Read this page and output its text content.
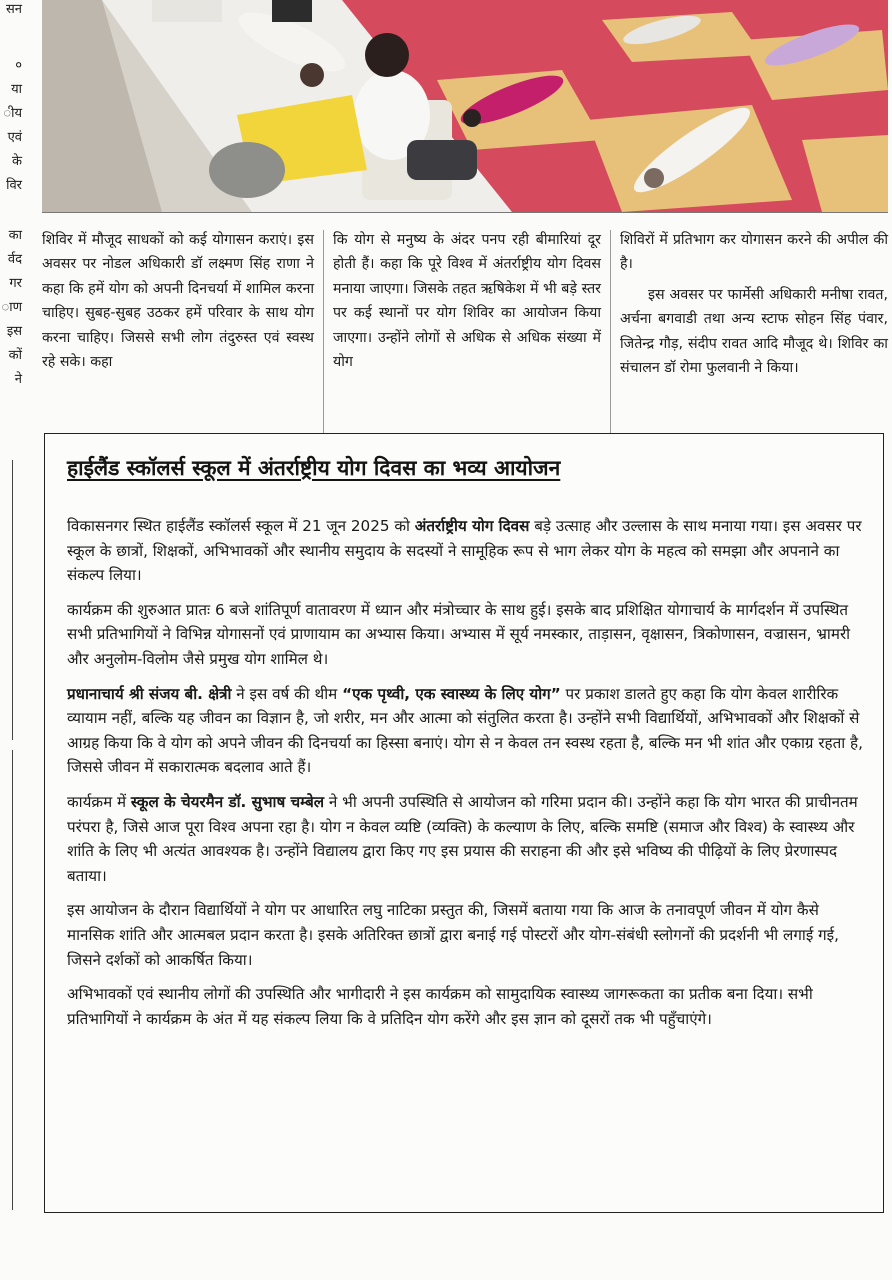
सन
०
या
ीय
एवं
के
विर
का
र्वद
गर
ाण
इस
कों
ने

शिविर में मौजूद साधकों को कई योगासन कराएं। इस अवसर पर नोडल अधिकारी डॉ लक्ष्मण सिंह राणा ने कहा कि हमें योग को अपनी दिनचर्या में शामिल करना चाहिए। सुबह-सुबह उठकर हमें परिवार के साथ योग करना चाहिए। जिससे सभी लोग तंदुरुस्त एवं स्वस्थ रहे सके। कहा

कि योग से मनुष्य के अंदर पनप रही बीमारियां दूर होती हैं। कहा कि पूरे विश्व में अंतर्राष्ट्रीय योग दिवस मनाया जाएगा। जिसके तहत ऋषिकेश में भी बड़े स्तर पर कई स्थानों पर योग शिविर का आयोजन किया जाएगा। उन्होंने लोगों से अधिक से अधिक संख्या में योग

शिविरों में प्रतिभाग कर योगासन करने की अपील की है।

इस अवसर पर फार्मेसी अधिकारी मनीषा रावत, अर्चना बगवाडी तथा अन्य स्टाफ सोहन सिंह पंवार, जितेन्द्र गौड़, संदीप रावत आदि मौजूद थे। शिविर का संचालन डॉ रोमा फुलवानी ने किया।

हाईलैंड स्कॉलर्स स्कूल में अंतर्राष्ट्रीय योग दिवस का भव्य आयोजन

विकासनगर स्थित हाईलैंड स्कॉलर्स स्कूल में 21 जून 2025 को अंतर्राष्ट्रीय योग दिवस बड़े उत्साह और उल्लास के साथ मनाया गया। इस अवसर पर स्कूल के छात्रों, शिक्षकों, अभिभावकों और स्थानीय समुदाय के सदस्यों ने सामूहिक रूप से भाग लेकर योग के महत्व को समझा और अपनाने का संकल्प लिया।

कार्यक्रम की शुरुआत प्रातः 6 बजे शांतिपूर्ण वातावरण में ध्यान और मंत्रोच्चार के साथ हुई। इसके बाद प्रशिक्षित योगाचार्य के मार्गदर्शन में उपस्थित सभी प्रतिभागियों ने विभिन्न योगासनों एवं प्राणायाम का अभ्यास किया। अभ्यास में सूर्य नमस्कार, ताड़ासन, वृक्षासन, त्रिकोणासन, वज्रासन, भ्रामरी और अनुलोम-विलोम जैसे प्रमुख योग शामिल थे।

प्रधानाचार्य श्री संजय बी. क्षेत्री ने इस वर्ष की थीम “एक पृथ्वी, एक स्वास्थ्य के लिए योग” पर प्रकाश डालते हुए कहा कि योग केवल शारीरिक व्यायाम नहीं, बल्कि यह जीवन का विज्ञान है, जो शरीर, मन और आत्मा को संतुलित करता है। उन्होंने सभी विद्यार्थियों, अभिभावकों और शिक्षकों से आग्रह किया कि वे योग को अपने जीवन की दिनचर्या का हिस्सा बनाएं। योग से न केवल तन स्वस्थ रहता है, बल्कि मन भी शांत और एकाग्र रहता है, जिससे जीवन में सकारात्मक बदलाव आते हैं।

कार्यक्रम में स्कूल के चेयरमैन डॉ. सुभाष चम्बेल ने भी अपनी उपस्थिति से आयोजन को गरिमा प्रदान की। उन्होंने कहा कि योग भारत की प्राचीनतम परंपरा है, जिसे आज पूरा विश्व अपना रहा है। योग न केवल व्यष्टि (व्यक्ति) के कल्याण के लिए, बल्कि समष्टि (समाज और विश्व) के स्वास्थ्य और शांति के लिए भी अत्यंत आवश्यक है। उन्होंने विद्यालय द्वारा किए गए इस प्रयास की सराहना की और इसे भविष्य की पीढ़ियों के लिए प्रेरणास्पद बताया।

इस आयोजन के दौरान विद्यार्थियों ने योग पर आधारित लघु नाटिका प्रस्तुत की, जिसमें बताया गया कि आज के तनावपूर्ण जीवन में योग कैसे मानसिक शांति और आत्मबल प्रदान करता है। इसके अतिरिक्त छात्रों द्वारा बनाई गई पोस्टरों और योग-संबंधी स्लोगनों की प्रदर्शनी भी लगाई गई, जिसने दर्शकों को आकर्षित किया।

अभिभावकों एवं स्थानीय लोगों की उपस्थिति और भागीदारी ने इस कार्यक्रम को सामुदायिक स्वास्थ्य जागरूकता का प्रतीक बना दिया। सभी प्रतिभागियों ने कार्यक्रम के अंत में यह संकल्प लिया कि वे प्रतिदिन योग करेंगे और इस ज्ञान को दूसरों तक भी पहुँचाएंगे।
